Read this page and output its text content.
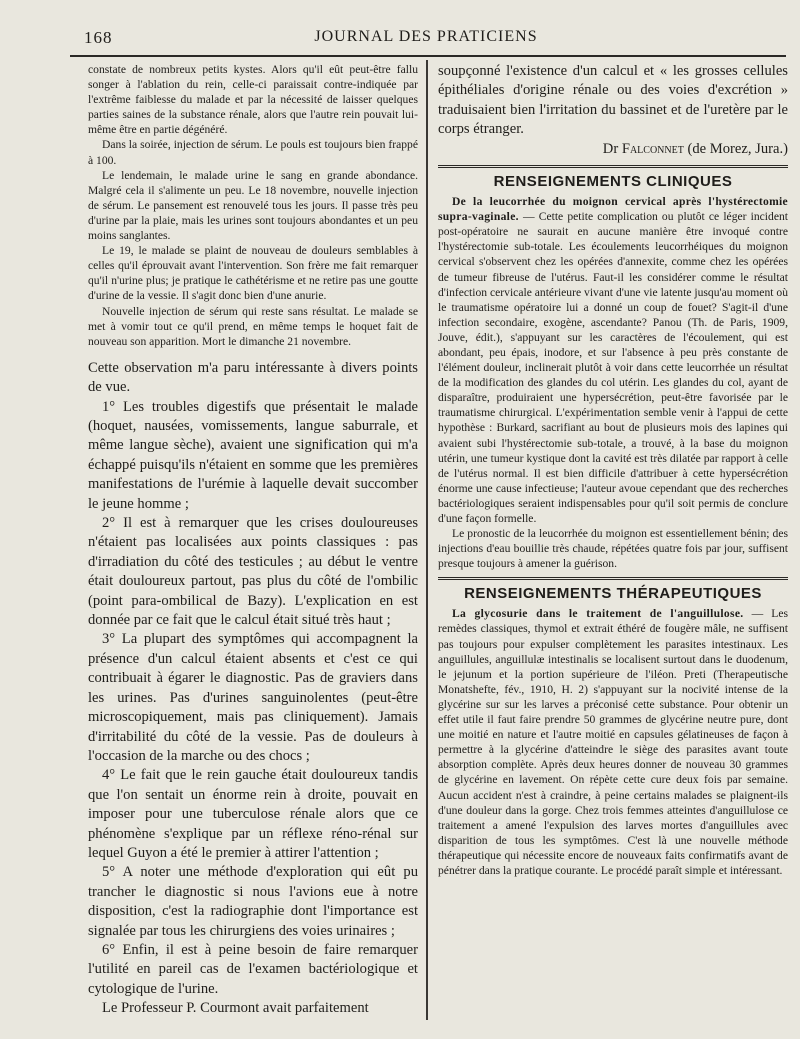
168	JOURNAL DES PRATICIENS

constate de nombreux petits kystes. Alors qu'il eût peut-être fallu songer à l'ablation du rein, celle-ci paraissait contre-indiquée par l'extrême faiblesse du malade et par la nécessité de laisser quelques parties saines de la substance rénale, alors que l'autre rein pouvait lui-même être en partie dégénéré.

Dans la soirée, injection de sérum. Le pouls est toujours bien frappé à 100.

Le lendemain, le malade urine le sang en grande abondance. Malgré cela il s'alimente un peu. Le 18 novembre, nouvelle injection de sérum. Le pansement est renouvelé tous les jours. Il passe très peu d'urine par la plaie, mais les urines sont toujours abondantes et un peu moins sanglantes.

Le 19, le malade se plaint de nouveau de douleurs semblables à celles qu'il éprouvait avant l'intervention. Son frère me fait remarquer qu'il n'urine plus; je pratique le cathétérisme et ne retire pas une goutte d'urine de la vessie. Il s'agit donc bien d'une anurie.

Nouvelle injection de sérum qui reste sans résultat. Le malade se met à vomir tout ce qu'il prend, en même temps le hoquet fait de nouveau son apparition. Mort le dimanche 21 novembre.

Cette observation m'a paru intéressante à divers points de vue.

1° Les troubles digestifs que présentait le malade (hoquet, nausées, vomissements, langue saburrale, et même langue sèche), avaient une signification qui m'a échappé puisqu'ils n'étaient en somme que les premières manifestations de l'urémie à laquelle devait succomber le jeune homme ;

2° Il est à remarquer que les crises douloureuses n'étaient pas localisées aux points classiques : pas d'irradiation du côté des testicules ; au début le ventre était douloureux partout, pas plus du côté de l'ombilic (point para-ombilical de Bazy). L'explication en est donnée par ce fait que le calcul était situé très haut ;

3° La plupart des symptômes qui accompagnent la présence d'un calcul étaient absents et c'est ce qui contribuait à égarer le diagnostic. Pas de graviers dans les urines. Pas d'urines sanguinolentes (peut-être microscopiquement, mais pas cliniquement). Jamais d'irritabilité du côté de la vessie. Pas de douleurs à l'occasion de la marche ou des chocs ;

4° Le fait que le rein gauche était douloureux tandis que l'on sentait un énorme rein à droite, pouvait en imposer pour une tuberculose rénale alors que ce phénomène s'explique par un réflexe réno-rénal sur lequel Guyon a été le premier à attirer l'attention ;

5° A noter une méthode d'exploration qui eût pu trancher le diagnostic si nous l'avions eue à notre disposition, c'est la radiographie dont l'importance est signalée par tous les chirurgiens des voies urinaires ;

6° Enfin, il est à peine besoin de faire remarquer l'utilité en pareil cas de l'examen bactériologique et cytologique de l'urine.

Le Professeur P. Courmont avait parfaitement

soupçonné l'existence d'un calcul et « les grosses cellules épithéliales d'origine rénale ou des voies d'excrétion » traduisaient bien l'irritation du bassinet et de l'uretère par le corps étranger.

Dr Falconnet (de Morez, Jura.)

RENSEIGNEMENTS CLINIQUES

De la leucorrhée du moignon cervical après l'hystérectomie supra-vaginale. — Cette petite complication ou plutôt ce léger incident post-opératoire ne saurait en aucune manière être invoqué contre l'hystérectomie sub-totale. Les écoulements leucorrhéiques du moignon cervical s'observent chez les opérées d'annexite, comme chez les opérées de tumeur fibreuse de l'utérus. Faut-il les considérer comme le résultat d'infection cervicale antérieure vivant d'une vie latente jusqu'au moment où le traumatisme opératoire lui a donné un coup de fouet? S'agit-il d'une infection secondaire, exogène, ascendante? Panou (Th. de Paris, 1909, Jouve, édit.), s'appuyant sur les caractères de l'écoulement, qui est abondant, peu épais, inodore, et sur l'absence à peu près constante de l'élément douleur, inclinerait plutôt à voir dans cette leucorrhée un résultat de la modification des glandes du col utérin. Les glandes du col, ayant de disparaître, produiraient une hypersécrétion, peut-être favorisée par le traumatisme chirurgical. L'expérimentation semble venir à l'appui de cette hypothèse : Burkard, sacrifiant au bout de plusieurs mois des lapines qui avaient subi l'hystérectomie sub-totale, a trouvé, à la base du moignon utérin, une tumeur kystique dont la cavité est très dilatée par rapport à celle de l'utérus normal. Il est bien difficile d'attribuer à cette hypersécrétion énorme une cause infectieuse; l'auteur avoue cependant que des recherches bactériologiques seraient indispensables pour qu'il soit permis de conclure d'une façon formelle.

Le pronostic de la leucorrhée du moignon est essentiellement bénin; des injections d'eau bouillie très chaude, répétées quatre fois par jour, suffisent presque toujours à amener la guérison.

RENSEIGNEMENTS THÉRAPEUTIQUES

La glycosurie dans le traitement de l'anguillulose. — Les remèdes classiques, thymol et extrait éthéré de fougère mâle, ne suffisent pas toujours pour expulser complètement les parasites intestinaux. Les anguillules, anguillulæ intestinalis se localisent surtout dans le duodenum, le jejunum et la portion supérieure de l'iléon. Preti (Therapeutische Monatshefte, fév., 1910, H. 2) s'appuyant sur la nocivité intense de la glycérine sur sur les larves a préconisé cette substance. Pour obtenir un effet utile il faut faire prendre 50 grammes de glycérine neutre pure, dont une moitié en nature et l'autre moitié en capsules gélatineuses de façon à permettre à la glycérine d'atteindre le siège des parasites avant toute absorption complète. Après deux heures donner de nouveau 30 grammes de glycérine en lavement. On répète cette cure deux fois par semaine. Aucun accident n'est à craindre, à peine certains malades se plaignent-ils d'une douleur dans la gorge. Chez trois femmes atteintes d'anguillulose ce traitement a amené l'expulsion des larves mortes d'anguillules avec disparition de tous les symptômes. C'est là une nouvelle méthode thérapeutique qui nécessite encore de nouveaux faits confirmatifs avant de pénétrer dans la pratique courante. Le procédé paraît simple et intéressant.
